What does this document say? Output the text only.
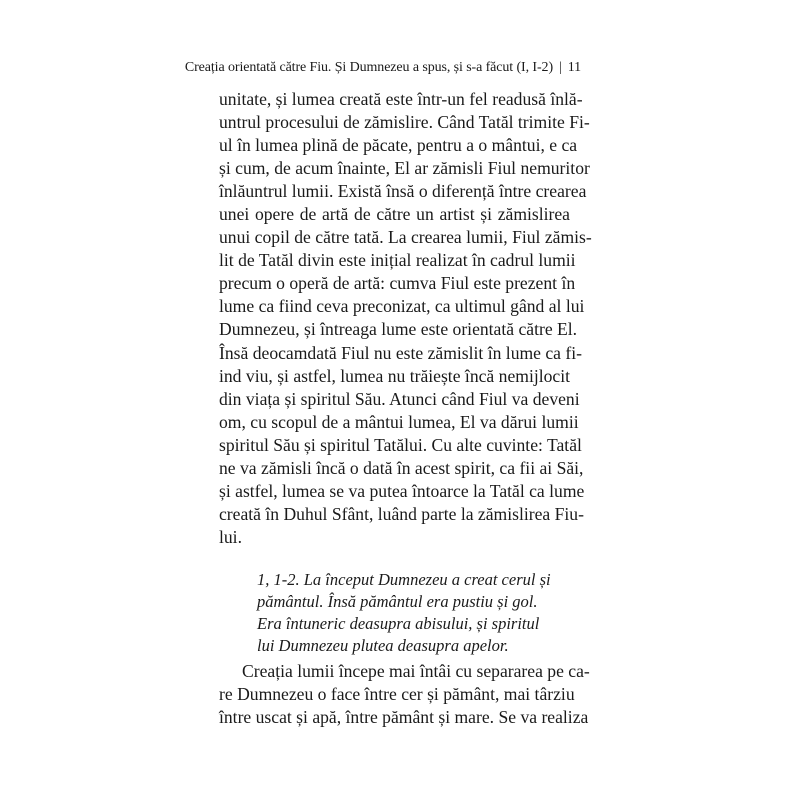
Creația orientată către Fiu. Și Dumnezeu a spus, și s-a făcut (I, I-2) | 11
unitate, și lumea creată este într-un fel readusă înlă-
untrul procesului de zămislire. Când Tatăl trimite Fi-
ul în lumea plină de păcate, pentru a o mântui, e ca
și cum, de acum înainte, El ar zămisli Fiul nemuritor
înlăuntrul lumii. Există însă o diferență între crearea
unei opere de artă de către un artist și zămislirea
unui copil de către tată. La crearea lumii, Fiul zămis-
lit de Tatăl divin este inițial realizat în cadrul lumii
precum o operă de artă: cumva Fiul este prezent în
lume ca fiind ceva preconizat, ca ultimul gând al lui
Dumnezeu, și întreaga lume este orientată către El.
Însă deocamdată Fiul nu este zămislit în lume ca fi-
ind viu, și astfel, lumea nu trăiește încă nemijlocit
din viața și spiritul Său. Atunci când Fiul va deveni
om, cu scopul de a mântui lumea, El va dărui lumii
spiritul Său și spiritul Tatălui. Cu alte cuvinte: Tatăl
ne va zămisli încă o dată în acest spirit, ca fii ai Săi,
și astfel, lumea se va putea întoarce la Tatăl ca lume
creată în Duhul Sfânt, luând parte la zămislirea Fiu-
lui.
1, 1-2. La început Dumnezeu a creat cerul și
pământul. Însă pământul era pustiu și gol.
Era întuneric deasupra abisului, și spiritul
lui Dumnezeu plutea deasupra apelor.
Creația lumii începe mai întâi cu separarea pe ca-
re Dumnezeu o face între cer și pământ, mai târziu
între uscat și apă, între pământ și mare. Se va realiza
